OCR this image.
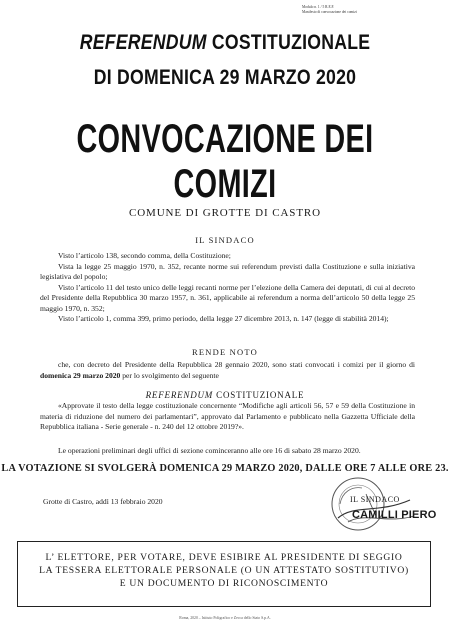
Modulo n. 1 / 5 R.E.F.
Manifesto di convocazione dei comizi
REFERENDUM COSTITUZIONALE
DI DOMENICA 29 MARZO 2020
CONVOCAZIONE DEI COMIZI
COMUNE DI GROTTE DI CASTRO
IL SINDACO

Visto l’articolo 138, secondo comma, della Costituzione;

Vista la legge 25 maggio 1970, n. 352, recante norme sui referendum previsti dalla Costituzione e sulla iniziativa legislativa del popolo;

Visto l’articolo 11 del testo unico delle leggi recanti norme per l’elezione della Camera dei deputati, di cui al decreto del Presidente della Repubblica 30 marzo 1957, n. 361, applicabile ai referendum a norma dell’articolo 50 della legge 25 maggio 1970, n. 352;

Visto l’articolo 1, comma 399, primo periodo, della legge 27 dicembre 2013, n. 147 (legge di stabilità 2014);

RENDE NOTO

che, con decreto del Presidente della Repubblica 28 gennaio 2020, sono stati convocati i comizi per il giorno di domenica 29 marzo 2020 per lo svolgimento del seguente

REFERENDUM COSTITUZIONALE

«Approvate il testo della legge costituzionale concernente “Modifiche agli articoli 56, 57 e 59 della Costituzione in materia di riduzione del numero dei parlamentari”, approvato dal Parlamento e pubblicato nella Gazzetta Ufficiale della Repubblica italiana - Serie generale - n. 240 del 12 ottobre 2019?».

Le operazioni preliminari degli uffici di sezione cominceranno alle ore 16 di sabato 28 marzo 2020.

LA VOTAZIONE SI SVOLGERÀ DOMENICA 29 MARZO 2020, DALLE ORE 7 ALLE ORE 23.
Grotte di Castro, addì 13 febbraio 2020	IL SINDACO
CAMILLI PIERO
L’ ELETTORE, PER VOTARE, DEVE ESIBIRE AL PRESIDENTE DI SEGGIO
LA TESSERA ELETTORALE PERSONALE (O UN ATTESTATO SOSTITUTIVO)
E UN DOCUMENTO DI RICONOSCIMENTO
Roma, 2020 – Istituto Poligrafico e Zecca dello Stato S.p.A.
